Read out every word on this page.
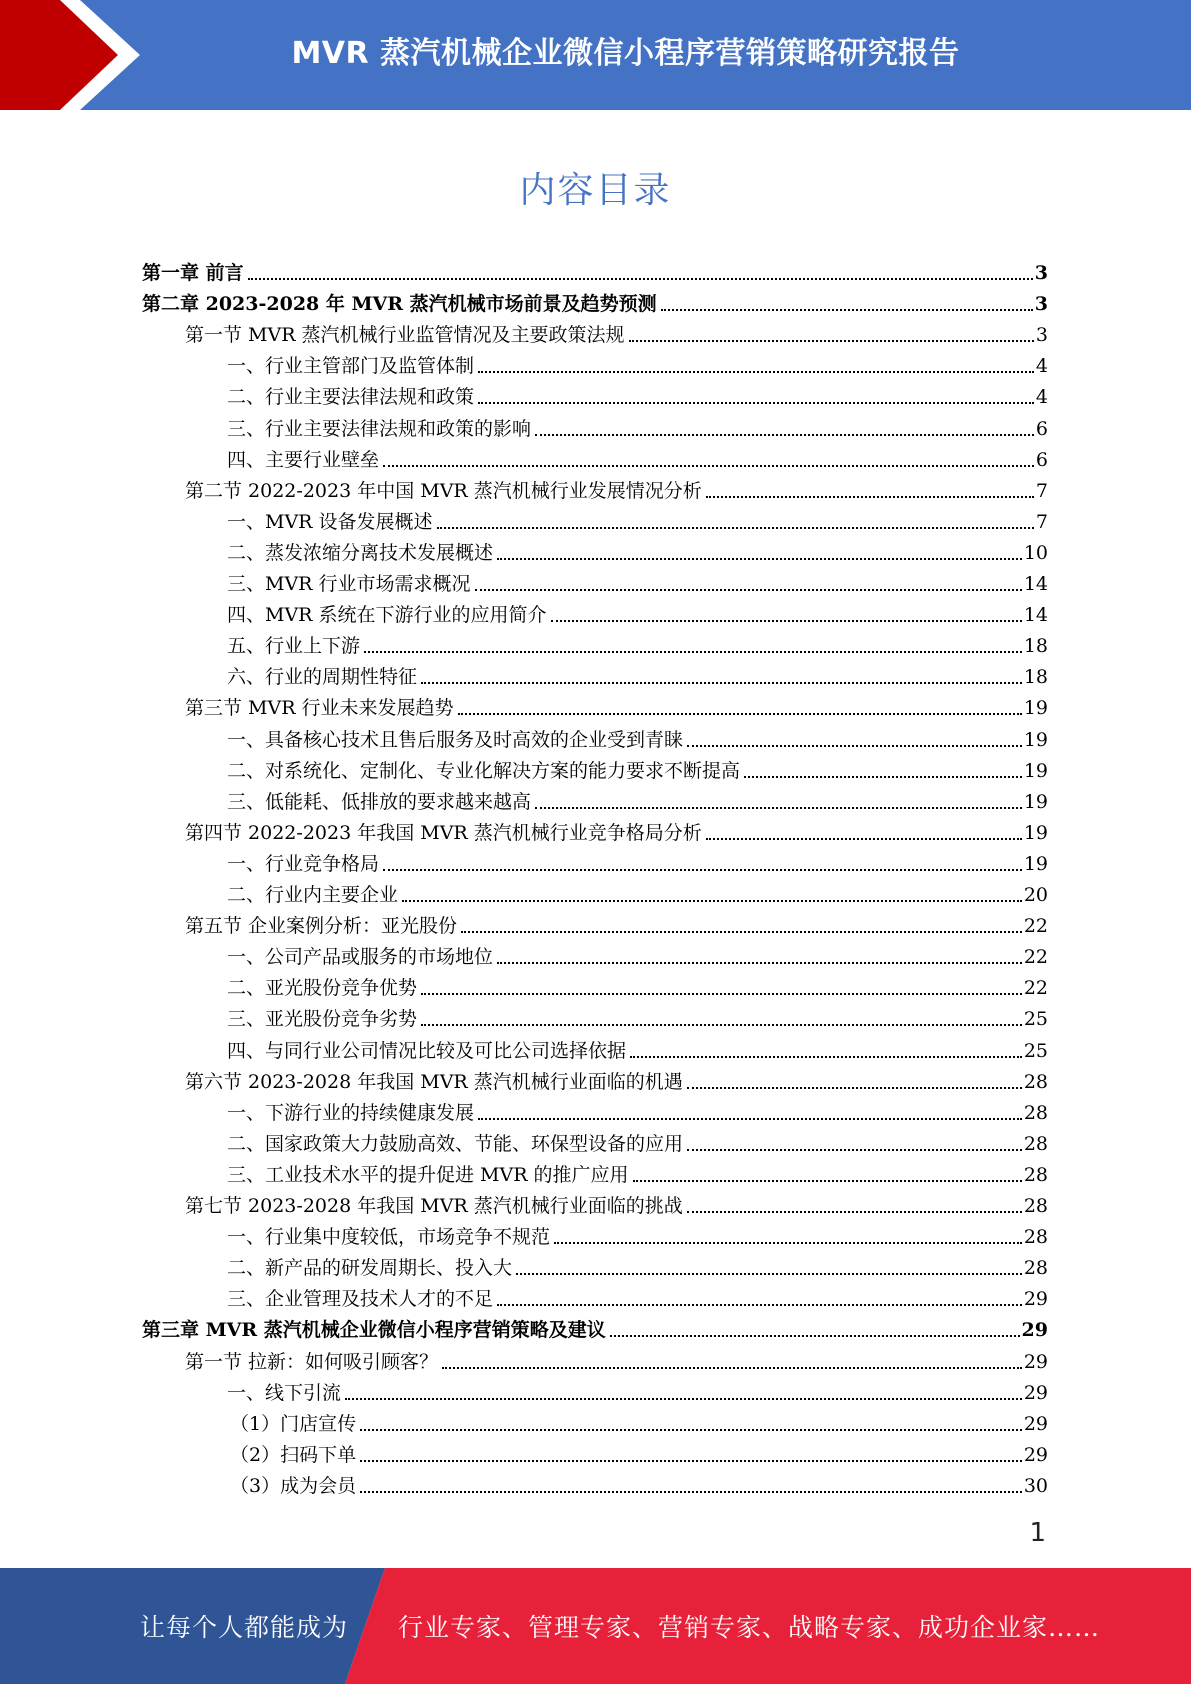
MVR 蒸汽机械企业微信小程序营销策略研究报告
内容目录
第一章 前言	3
第二章 2023-2028 年 MVR 蒸汽机械市场前景及趋势预测	3
第一节 MVR 蒸汽机械行业监管情况及主要政策法规	3
一、行业主管部门及监管体制	4
二、行业主要法律法规和政策	4
三、行业主要法律法规和政策的影响	6
四、主要行业壁垒	6
第二节 2022-2023 年中国 MVR 蒸汽机械行业发展情况分析	7
一、MVR 设备发展概述	7
二、蒸发浓缩分离技术发展概述	10
三、MVR 行业市场需求概况	14
四、MVR 系统在下游行业的应用简介	14
五、行业上下游	18
六、行业的周期性特征	18
第三节 MVR 行业未来发展趋势	19
一、具备核心技术且售后服务及时高效的企业受到青睐	19
二、对系统化、定制化、专业化解决方案的能力要求不断提高	19
三、低能耗、低排放的要求越来越高	19
第四节 2022-2023 年我国 MVR 蒸汽机械行业竞争格局分析	19
一、行业竞争格局	19
二、行业内主要企业	20
第五节 企业案例分析：亚光股份	22
一、公司产品或服务的市场地位	22
二、亚光股份竞争优势	22
三、亚光股份竞争劣势	25
四、与同行业公司情况比较及可比公司选择依据	25
第六节 2023-2028 年我国 MVR 蒸汽机械行业面临的机遇	28
一、下游行业的持续健康发展	28
二、国家政策大力鼓励高效、节能、环保型设备的应用	28
三、工业技术水平的提升促进 MVR 的推广应用	28
第七节 2023-2028 年我国 MVR 蒸汽机械行业面临的挑战	28
一、行业集中度较低，市场竞争不规范	28
二、新产品的研发周期长、投入大	28
三、企业管理及技术人才的不足	29
第三章 MVR 蒸汽机械企业微信小程序营销策略及建议	29
第一节 拉新：如何吸引顾客？	29
一、线下引流	29
（1）门店宣传	29
（2）扫码下单	29
（3）成为会员	30
1
让每个人都能成为 行业专家、管理专家、营销专家、战略专家、成功企业家……
